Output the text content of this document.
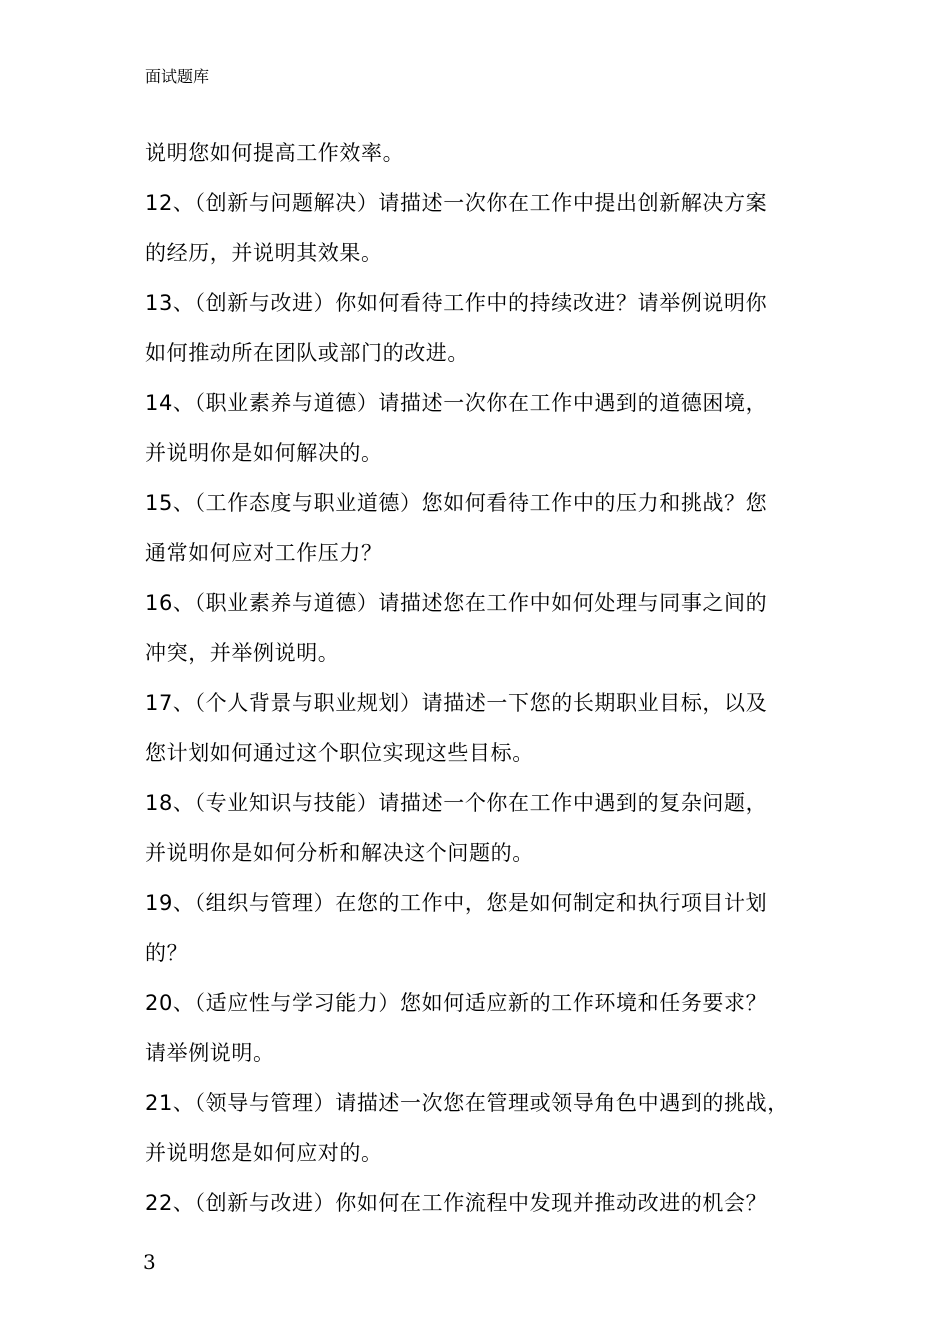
面试题库
说明您如何提高工作效率。
12、（创新与问题解决）请描述一次你在工作中提出创新解决方案
的经历，并说明其效果。
13、（创新与改进）你如何看待工作中的持续改进？请举例说明你
如何推动所在团队或部门的改进。
14、（职业素养与道德）请描述一次你在工作中遇到的道德困境，
并说明你是如何解决的。
15、（工作态度与职业道德）您如何看待工作中的压力和挑战？您
通常如何应对工作压力？
16、（职业素养与道德）请描述您在工作中如何处理与同事之间的
冲突，并举例说明。
17、（个人背景与职业规划）请描述一下您的长期职业目标，以及
您计划如何通过这个职位实现这些目标。
18、（专业知识与技能）请描述一个你在工作中遇到的复杂问题，
并说明你是如何分析和解决这个问题的。
19、（组织与管理）在您的工作中，您是如何制定和执行项目计划
的？
20、（适应性与学习能力）您如何适应新的工作环境和任务要求？
请举例说明。
21、（领导与管理）请描述一次您在管理或领导角色中遇到的挑战，
并说明您是如何应对的。
22、（创新与改进）你如何在工作流程中发现并推动改进的机会？
3
